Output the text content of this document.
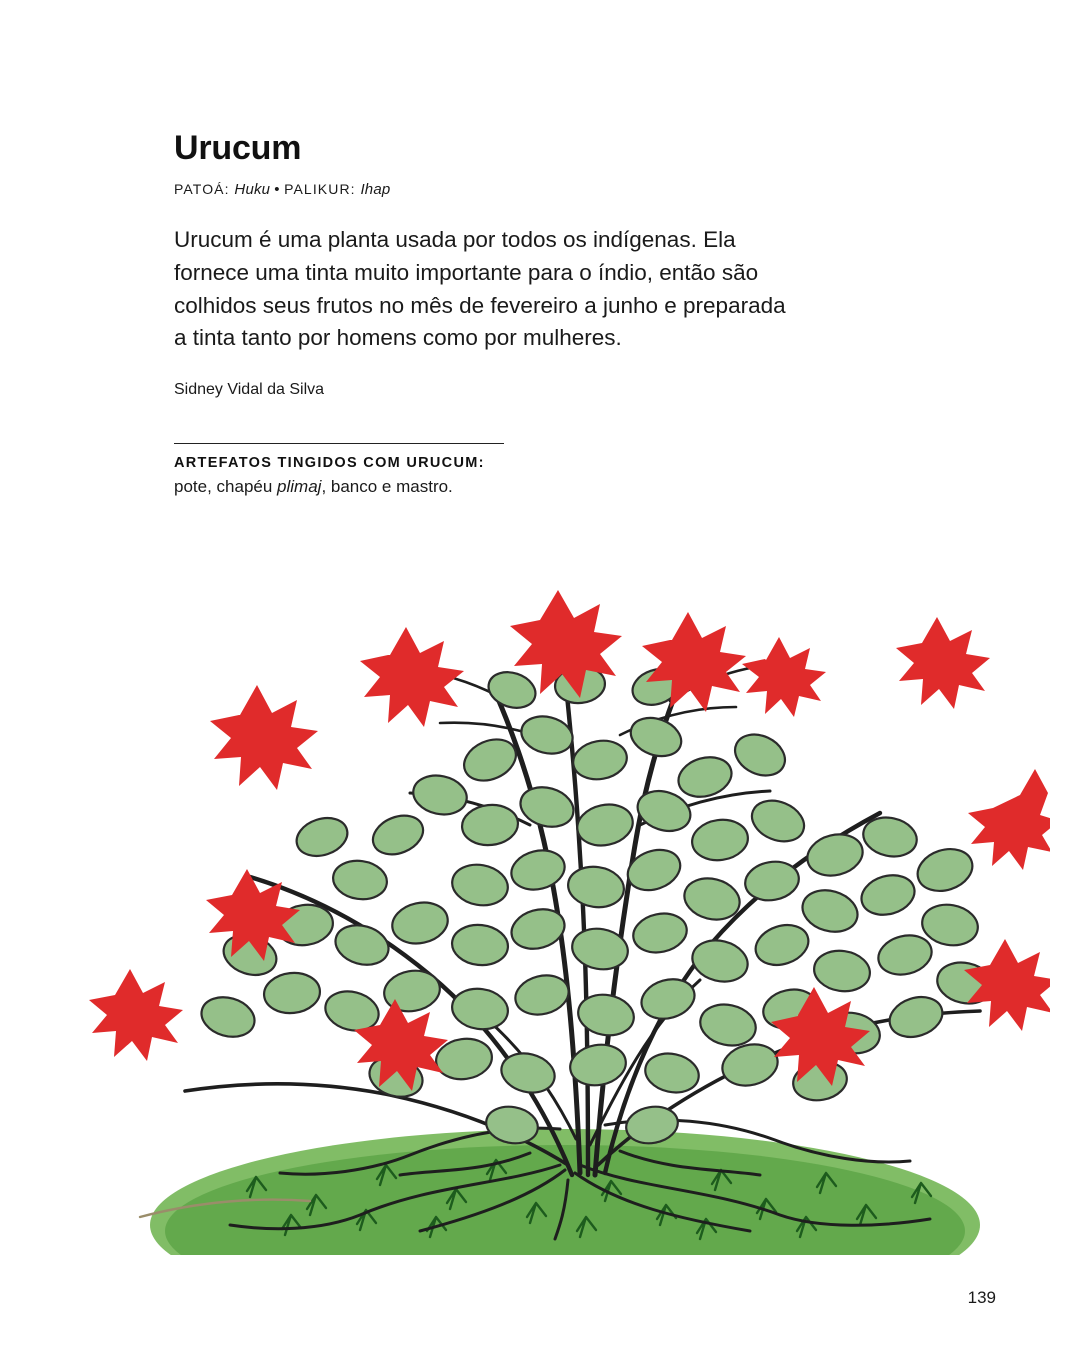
Urucum

PATOÁ: Huku • PALIKUR: Ihap

Urucum é uma planta usada por todos os indígenas. Ela fornece uma tinta muito importante para o índio, então são colhidos seus frutos no mês de fevereiro a junho e preparada a tinta tanto por homens como por mulheres.

Sidney Vidal da Silva

ARTEFATOS TINGIDOS COM URUCUM:

pote, chapéu plimaj, banco e mastro.

139
